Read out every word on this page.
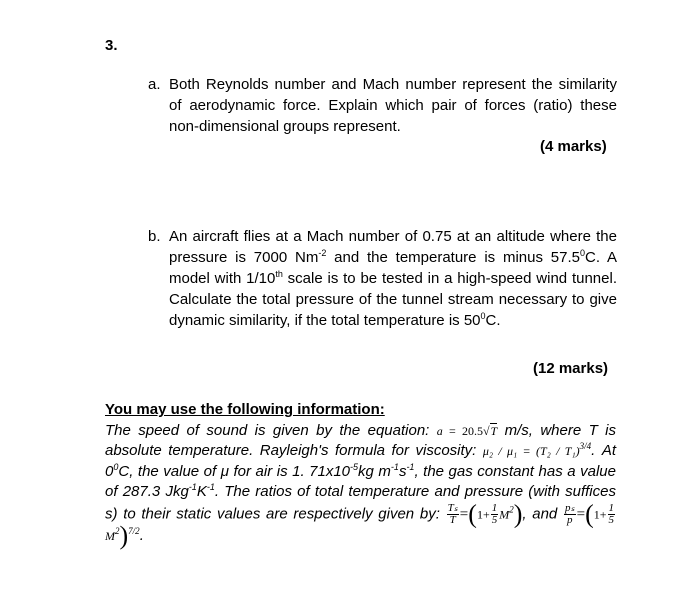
3.
a. Both Reynolds number and Mach number represent the similarity of aerodynamic force. Explain which pair of forces (ratio) these non-dimensional groups represent.
(4 marks)
b. An aircraft flies at a Mach number of 0.75 at an altitude where the pressure is 7000 $Nm^{-2}$ and the temperature is minus 57.5$^0$C. A model with 1/10th scale is to be tested in a high-speed wind tunnel. Calculate the total pressure of the tunnel stream necessary to give dynamic similarity, if the total temperature is $50^0C$.
(12 marks)
You may use the following information:
The speed of sound is given by the equation: a = 20.5√T m/s, where T is absolute temperature. Rayleigh's formula for viscosity: μ₂ / μ₁ = (T₂ / T₁)$^{3/4}$. At $0^0C$, the value of μ for air is 1. $71x10^{-5}kg$ $m^{-1}s^{-1}$, the gas constant has a value of 287.3 $Jkg^{-1}K^{-1}$. The ratios of total temperature and pressure (with suffices s) to their static values are respectively given by: $\frac{\text{Tₛ}}{T} =(1+ \frac{1}{5} M^2)$, and $\frac{\text{pₛ}}{p} =(1+ \frac{1}{5}$
$M^2)^{7/2}$.
